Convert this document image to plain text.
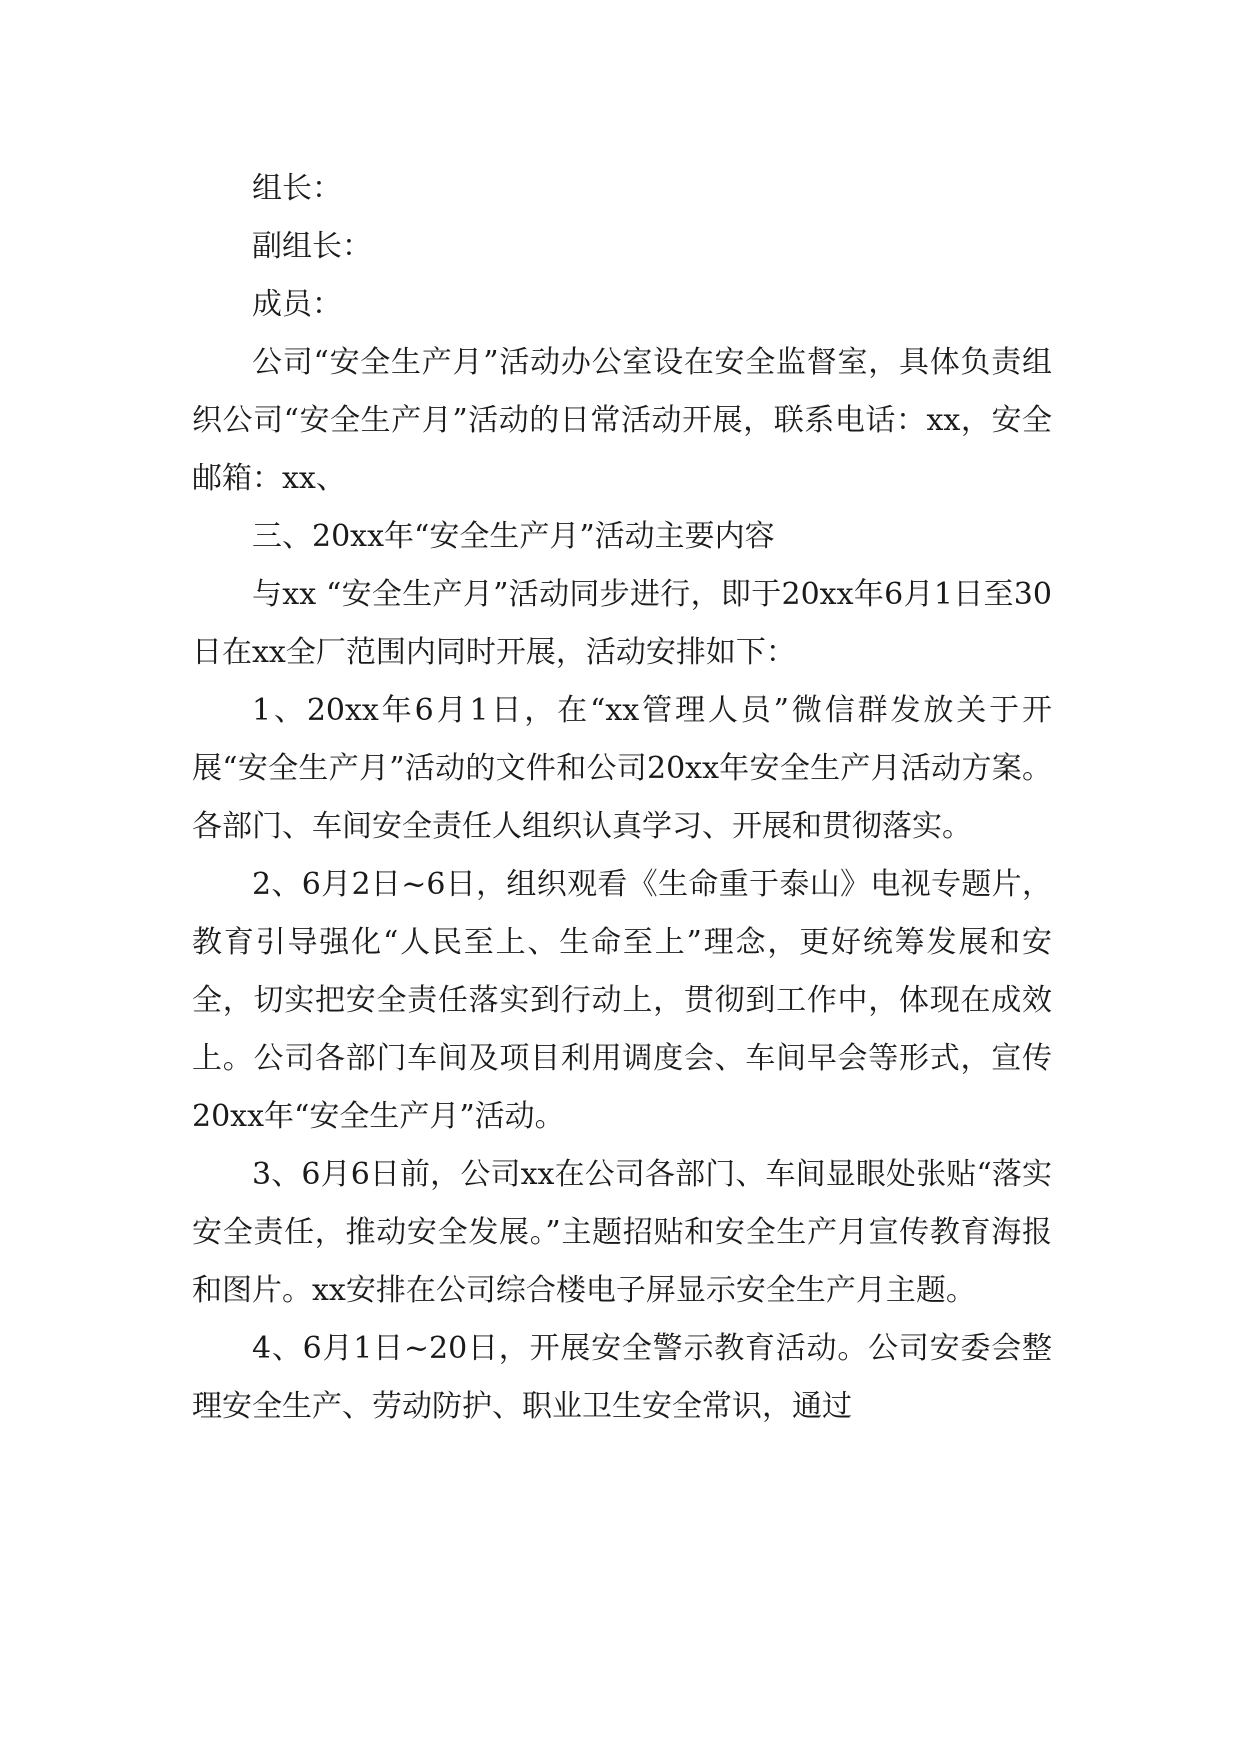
组长：

副组长：

成员：

公司“安全生产月”活动办公室设在安全监督室，具体负责组织公司“安全生产月”活动的日常活动开展，联系电话：xx，安全邮箱：xx、

三、20xx年“安全生产月”活动主要内容

与xx “安全生产月”活动同步进行，即于20xx年6月1日至30日在xx全厂范围内同时开展，活动安排如下：

1、20xx年6月1日，在“xx管理人员”微信群发放关于开展“安全生产月”活动的文件和公司20xx年安全生产月活动方案。各部门、车间安全责任人组织认真学习、开展和贯彻落实。

2、6月2日~6日，组织观看《生命重于泰山》电视专题片，教育引导强化“人民至上、生命至上”理念，更好统筹发展和安全，切实把安全责任落实到行动上，贯彻到工作中，体现在成效上。公司各部门车间及项目利用调度会、车间早会等形式，宣传20xx年“安全生产月”活动。

3、6月6日前，公司xx在公司各部门、车间显眼处张贴“落实安全责任，推动安全发展。”主题招贴和安全生产月宣传教育海报和图片。xx安排在公司综合楼电子屏显示安全生产月主题。

4、6月1日~20日，开展安全警示教育活动。公司安委会整理安全生产、劳动防护、职业卫生安全常识，通过
